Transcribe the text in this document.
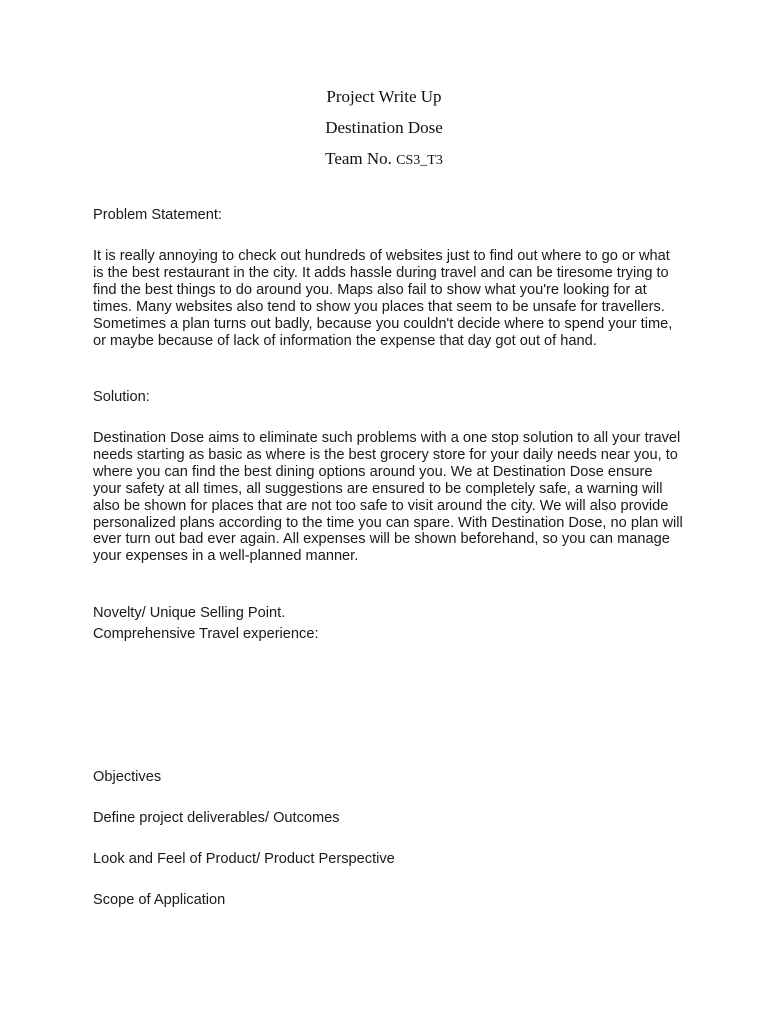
Project Write Up
Destination Dose
Team No. CS3_T3
Problem Statement:
It is really annoying to check out hundreds of websites just to find out where to go or what is the best restaurant in the city. It adds hassle during travel and can be tiresome trying to find the best things to do around you. Maps also fail to show what you're looking for at times. Many websites also tend to show you places that seem to be unsafe for travellers. Sometimes a plan turns out badly, because you couldn't decide where to spend your time, or maybe because of lack of information the expense that day got out of hand.
Solution:
Destination Dose aims to eliminate such problems with a one stop solution to all your travel needs starting as basic as where is the best grocery store for your daily needs near you, to where you can find the best dining options around you. We at Destination Dose ensure your safety at all times, all suggestions are ensured to be completely safe, a warning will also be shown for places that are not too safe to visit around the city. We will also provide personalized plans according to the time you can spare. With Destination Dose, no plan will ever turn out bad ever again. All expenses will be shown beforehand, so you can manage your expenses in a well-planned manner.
Novelty/ Unique Selling Point.
Comprehensive Travel experience:
Objectives
Define project deliverables/ Outcomes
Look and Feel of Product/ Product Perspective
Scope of Application
